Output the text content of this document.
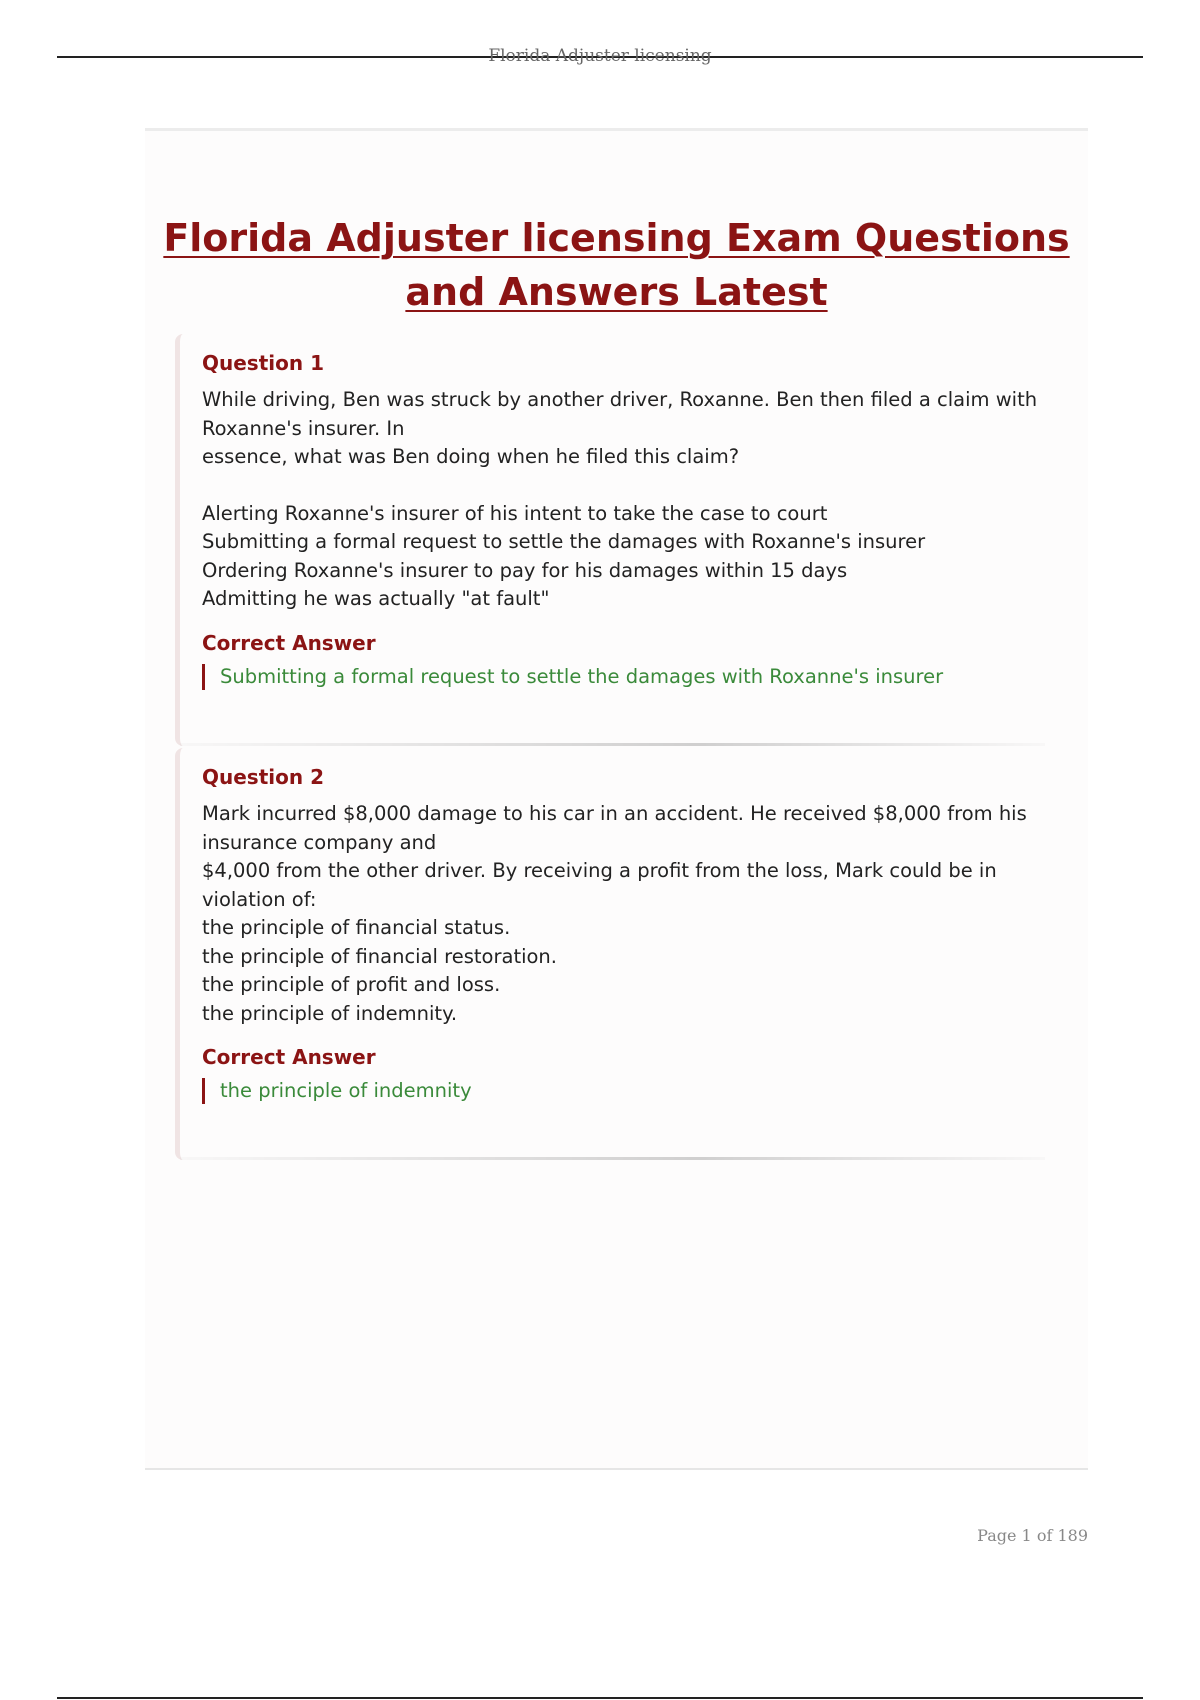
Florida Adjuster licensing
Florida Adjuster licensing Exam Questions and Answers Latest
Question 1

While driving, Ben was struck by another driver, Roxanne. Ben then filed a claim with Roxanne's insurer. In
essence, what was Ben doing when he filed this claim?

Alerting Roxanne's insurer of his intent to take the case to court
Submitting a formal request to settle the damages with Roxanne's insurer
Ordering Roxanne's insurer to pay for his damages within 15 days
Admitting he was actually "at fault"
Correct Answer
Submitting a formal request to settle the damages with Roxanne's insurer
Question 2

Mark incurred $8,000 damage to his car in an accident. He received $8,000 from his insurance company and
$4,000 from the other driver. By receiving a profit from the loss, Mark could be in violation of:

the principle of financial status.
the principle of financial restoration.
the principle of profit and loss.
the principle of indemnity.
Correct Answer
the principle of indemnity
Page 1 of 189
